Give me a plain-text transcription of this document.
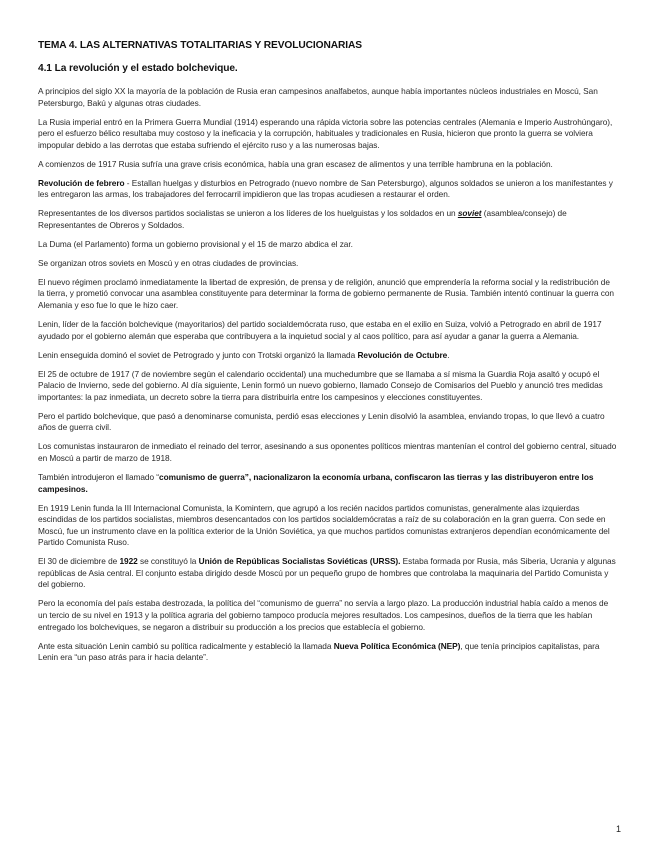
TEMA 4. LAS ALTERNATIVAS TOTALITARIAS Y REVOLUCIONARIAS
4.1 La revolución y el estado bolchevique.

A principios del siglo XX la mayoría de la población de Rusia eran campesinos analfabetos, aunque había importantes núcleos industriales en Moscú, San Petersburgo, Bakú y algunas otras ciudades.

La Rusia imperial entró en la Primera Guerra Mundial (1914) esperando una rápida victoria sobre las potencias centrales (Alemania e Imperio Austrohúngaro), pero el esfuerzo bélico resultaba muy costoso y la ineficacia y la corrupción, habituales y tradicionales en Rusia, hicieron que pronto la guerra se volviera impopular debido a las derrotas que estaba sufriendo el ejército ruso y a las numerosas bajas.

A comienzos de 1917 Rusia sufría una grave crisis económica, había una gran escasez de alimentos y una terrible hambruna en la población.

Revolución de febrero - Estallan huelgas y disturbios en Petrogrado (nuevo nombre de San Petersburgo), algunos soldados se unieron a los manifestantes y les entregaron las armas, los trabajadores del ferrocarril impidieron que las tropas acudiesen a restaurar el orden.

Representantes de los diversos partidos socialistas se unieron a los líderes de los huelguistas y los soldados en un soviet (asamblea/consejo) de Representantes de Obreros y Soldados.

La Duma (el Parlamento) forma un gobierno provisional y el 15 de marzo abdica el zar.

Se organizan otros soviets en Moscú y en otras ciudades de provincias.

El nuevo régimen proclamó inmediatamente la libertad de expresión, de prensa y de religión, anunció que emprendería la reforma social y la redistribución de la tierra, y prometió convocar una asamblea constituyente para determinar la forma de gobierno permanente de Rusia. También intentó continuar la guerra con Alemania y eso fue lo que le hizo caer.

Lenin, líder de la facción bolchevique (mayoritarios) del partido socialdemócrata ruso, que estaba en el exilio en Suiza, volvió a Petrogrado en abril de 1917 ayudado por el gobierno alemán que esperaba que contribuyera a la inquietud social y al caos político, para así ayudar a ganar la guerra a Alemania.

Lenin enseguida dominó el soviet de Petrogrado y junto con Trotski organizó la llamada Revolución de Octubre.

El 25 de octubre de 1917 (7 de noviembre según el calendario occidental) una muchedumbre que se llamaba a sí misma la Guardia Roja asaltó y ocupó el Palacio de Invierno, sede del gobierno. Al día siguiente, Lenin formó un nuevo gobierno, llamado Consejo de Comisarios del Pueblo y anunció tres medidas importantes: la paz inmediata, un decreto sobre la tierra para distribuirla entre los campesinos y elecciones constituyentes.

Pero el partido bolchevique, que pasó a denominarse comunista, perdió esas elecciones y Lenin disolvió la asamblea, enviando tropas, lo que llevó a cuatro años de guerra civil.

Los comunistas instauraron de inmediato el reinado del terror, asesinando a sus oponentes políticos mientras mantenían el control del gobierno central, situado en Moscú a partir de marzo de 1918.

También introdujeron el llamado “comunismo de guerra”, nacionalizaron la economía urbana, confiscaron las tierras y las distribuyeron entre los campesinos.

En 1919 Lenin funda la III Internacional Comunista, la Komintern, que agrupó a los recién nacidos partidos comunistas, generalmente alas izquierdas escindidas de los partidos socialistas, miembros desencantados con los partidos socialdemócratas a raíz de su colaboración en la gran guerra. Con sede en Moscú, fue un instrumento clave en la política exterior de la Unión Soviética, ya que muchos partidos comunistas extranjeros dependían económicamente del Partido Comunista Ruso.

El 30 de diciembre de 1922 se constituyó la Unión de Repúblicas Socialistas Soviéticas (URSS). Estaba formada por Rusia, más Siberia, Ucrania y algunas repúblicas de Asia central. El conjunto estaba dirigido desde Moscú por un pequeño grupo de hombres que controlaba la maquinaria del Partido Comunista y del gobierno.

Pero la economía del país estaba destrozada, la política del “comunismo de guerra” no servía a largo plazo. La producción industrial había caído a menos de un tercio de su nivel en 1913 y la política agraria del gobierno tampoco producía mejores resultados. Los campesinos, dueños de la tierra que les habían entregado los bolcheviques, se negaron a distribuir su producción a los precios que establecía el gobierno.

Ante esta situación Lenin cambió su política radicalmente y estableció la llamada Nueva Política Económica (NEP), que tenía principios capitalistas, para Lenin era “un paso atrás para ir hacia delante”.

1
